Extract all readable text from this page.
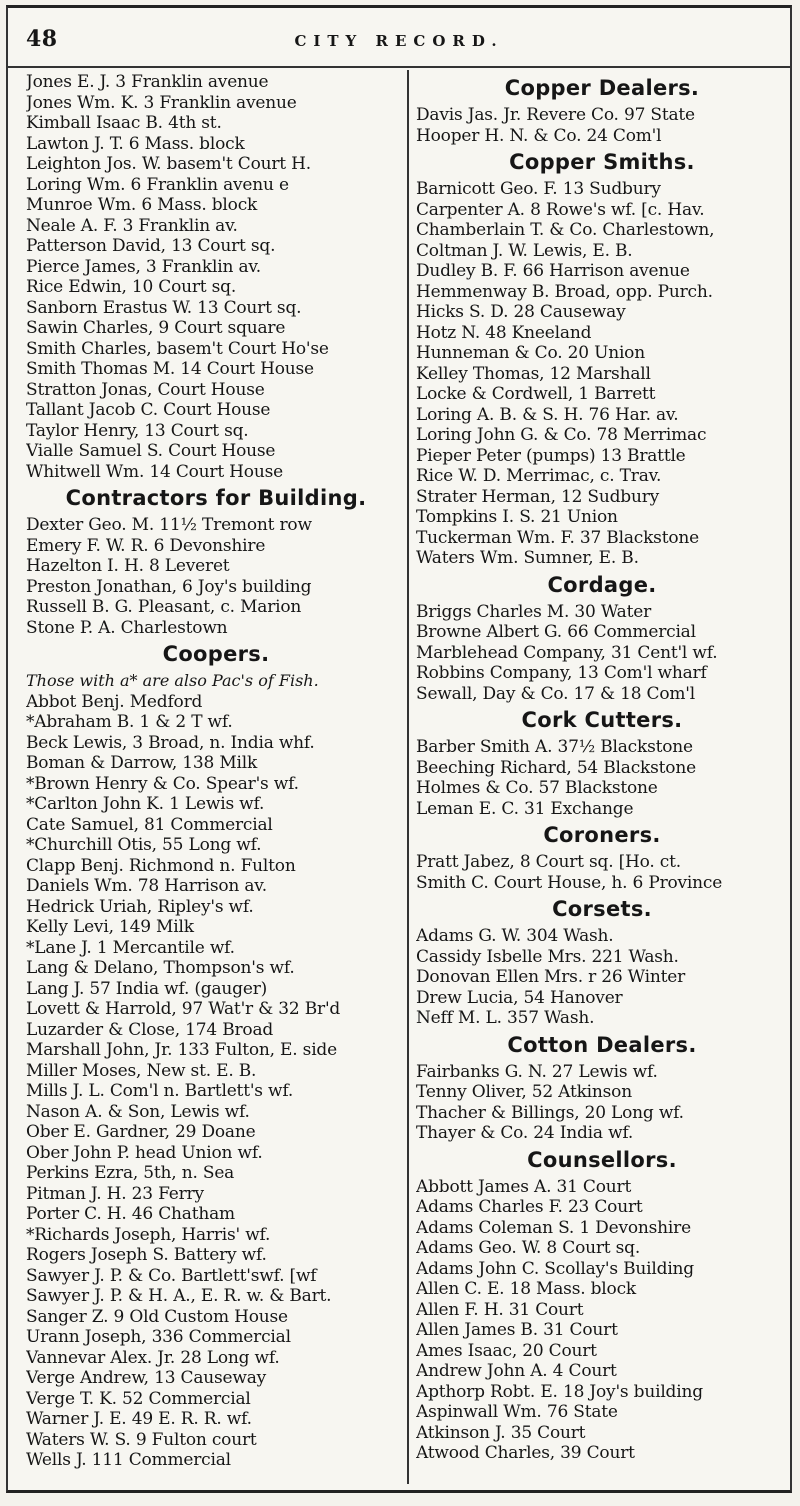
48	CITY RECORD.
Jones E. J. 3 Franklin avenue
Jones Wm. K. 3 Franklin avenue
Kimball Isaac B. 4th st.
Lawton J. T. 6 Mass. block
Leighton Jos. W. basem't Court H.
Loring Wm. 6 Franklin avenu e
Munroe Wm. 6 Mass. block
Neale A. F. 3 Franklin av.
Patterson David, 13 Court sq.
Pierce James, 3 Franklin av.
Rice Edwin, 10 Court sq.
Sanborn Erastus W. 13 Court sq.
Sawin Charles, 9 Court square
Smith Charles, basem't Court Ho'se
Smith Thomas M. 14 Court House
Stratton Jonas, Court House
Tallant Jacob C. Court House
Taylor Henry, 13 Court sq.
Vialle Samuel S. Court House
Whitwell Wm. 14 Court House
Contractors for Building.
Dexter Geo. M. 11½ Tremont row
Emery F. W. R. 6 Devonshire
Hazelton I. H. 8 Leveret
Preston Jonathan, 6 Joy's building
Russell B. G. Pleasant, c. Marion
Stone P. A. Charlestown
Coopers.
Those with a* are also Pac's of Fish.
Abbot Benj. Medford
*Abraham B. 1 & 2 T wf.
Beck Lewis, 3 Broad, n. India whf.
Boman & Darrow, 138 Milk
*Brown Henry & Co. Spear's wf.
*Carlton John K. 1 Lewis wf.
Cate Samuel, 81 Commercial
*Churchill Otis, 55 Long wf.
Clapp Benj. Richmond n. Fulton
Daniels Wm. 78 Harrison av.
Hedrick Uriah, Ripley's wf.
Kelly Levi, 149 Milk
*Lane J. 1 Mercantile wf.
Lang & Delano, Thompson's wf.
Lang J. 57 India wf. (gauger)
Lovett & Harrold, 97 Wat'r & 32 Br'd
Luzarder & Close, 174 Broad
Marshall John, Jr. 133 Fulton, E. side
Miller Moses, New st. E. B.
Mills J. L. Com'l n. Bartlett's wf.
Nason A. & Son, Lewis wf.
Ober E. Gardner, 29 Doane
Ober John P. head Union wf.
Perkins Ezra, 5th, n. Sea
Pitman J. H. 23 Ferry
Porter C. H. 46 Chatham
*Richards Joseph, Harris' wf.
Rogers Joseph S. Battery wf.
Sawyer J. P. & Co. Bartlett'swf. [wf
Sawyer J. P. & H. A., E. R. w. & Bart.
Sanger Z. 9 Old Custom House
Urann Joseph, 336 Commercial
Vannevar Alex. Jr. 28 Long wf.
Verge Andrew, 13 Causeway
Verge T. K. 52 Commercial
Warner J. E. 49 E. R. R. wf.
Waters W. S. 9 Fulton court
Wells J. 111 Commercial
Copper Dealers.
Davis Jas. Jr. Revere Co. 97 State
Hooper H. N. & Co. 24 Com'l
Copper Smiths.
Barnicott Geo. F. 13 Sudbury
Carpenter A. 8 Rowe's wf. [c. Hav.
Chamberlain T. & Co. Charlestown,
Coltman J. W. Lewis, E. B.
Dudley B. F. 66 Harrison avenue
Hemmenway B. Broad, opp. Purch.
Hicks S. D. 28 Causeway
Hotz N. 48 Kneeland
Hunneman & Co. 20 Union
Kelley Thomas, 12 Marshall
Locke & Cordwell, 1 Barrett
Loring A. B. & S. H. 76 Har. av.
Loring John G. & Co. 78 Merrimac
Pieper Peter (pumps) 13 Brattle
Rice W. D. Merrimac, c. Trav.
Strater Herman, 12 Sudbury
Tompkins I. S. 21 Union
Tuckerman Wm. F. 37 Blackstone
Waters Wm. Sumner, E. B.
Cordage.
Briggs Charles M. 30 Water
Browne Albert G. 66 Commercial
Marblehead Company, 31 Cent'l wf.
Robbins Company, 13 Com'l wharf
Sewall, Day & Co. 17 & 18 Com'l
Cork Cutters.
Barber Smith A. 37½ Blackstone
Beeching Richard, 54 Blackstone
Holmes & Co. 57 Blackstone
Leman E. C. 31 Exchange
Coroners.
Pratt Jabez, 8 Court sq. [Ho. ct.
Smith C. Court House, h. 6 Province
Corsets.
Adams G. W. 304 Wash.
Cassidy Isbelle Mrs. 221 Wash.
Donovan Ellen Mrs. r 26 Winter
Drew Lucia, 54 Hanover
Neff M. L. 357 Wash.
Cotton Dealers.
Fairbanks G. N. 27 Lewis wf.
Tenny Oliver, 52 Atkinson
Thacher & Billings, 20 Long wf.
Thayer & Co. 24 India wf.
Counsellors.
Abbott James A. 31 Court
Adams Charles F. 23 Court
Adams Coleman S. 1 Devonshire
Adams Geo. W. 8 Court sq.
Adams John C. Scollay's Building
Allen C. E. 18 Mass. block
Allen F. H. 31 Court
Allen James B. 31 Court
Ames Isaac, 20 Court
Andrew John A. 4 Court
Apthorp Robt. E. 18 Joy's building
Aspinwall Wm. 76 State
Atkinson J. 35 Court
Atwood Charles, 39 Court
